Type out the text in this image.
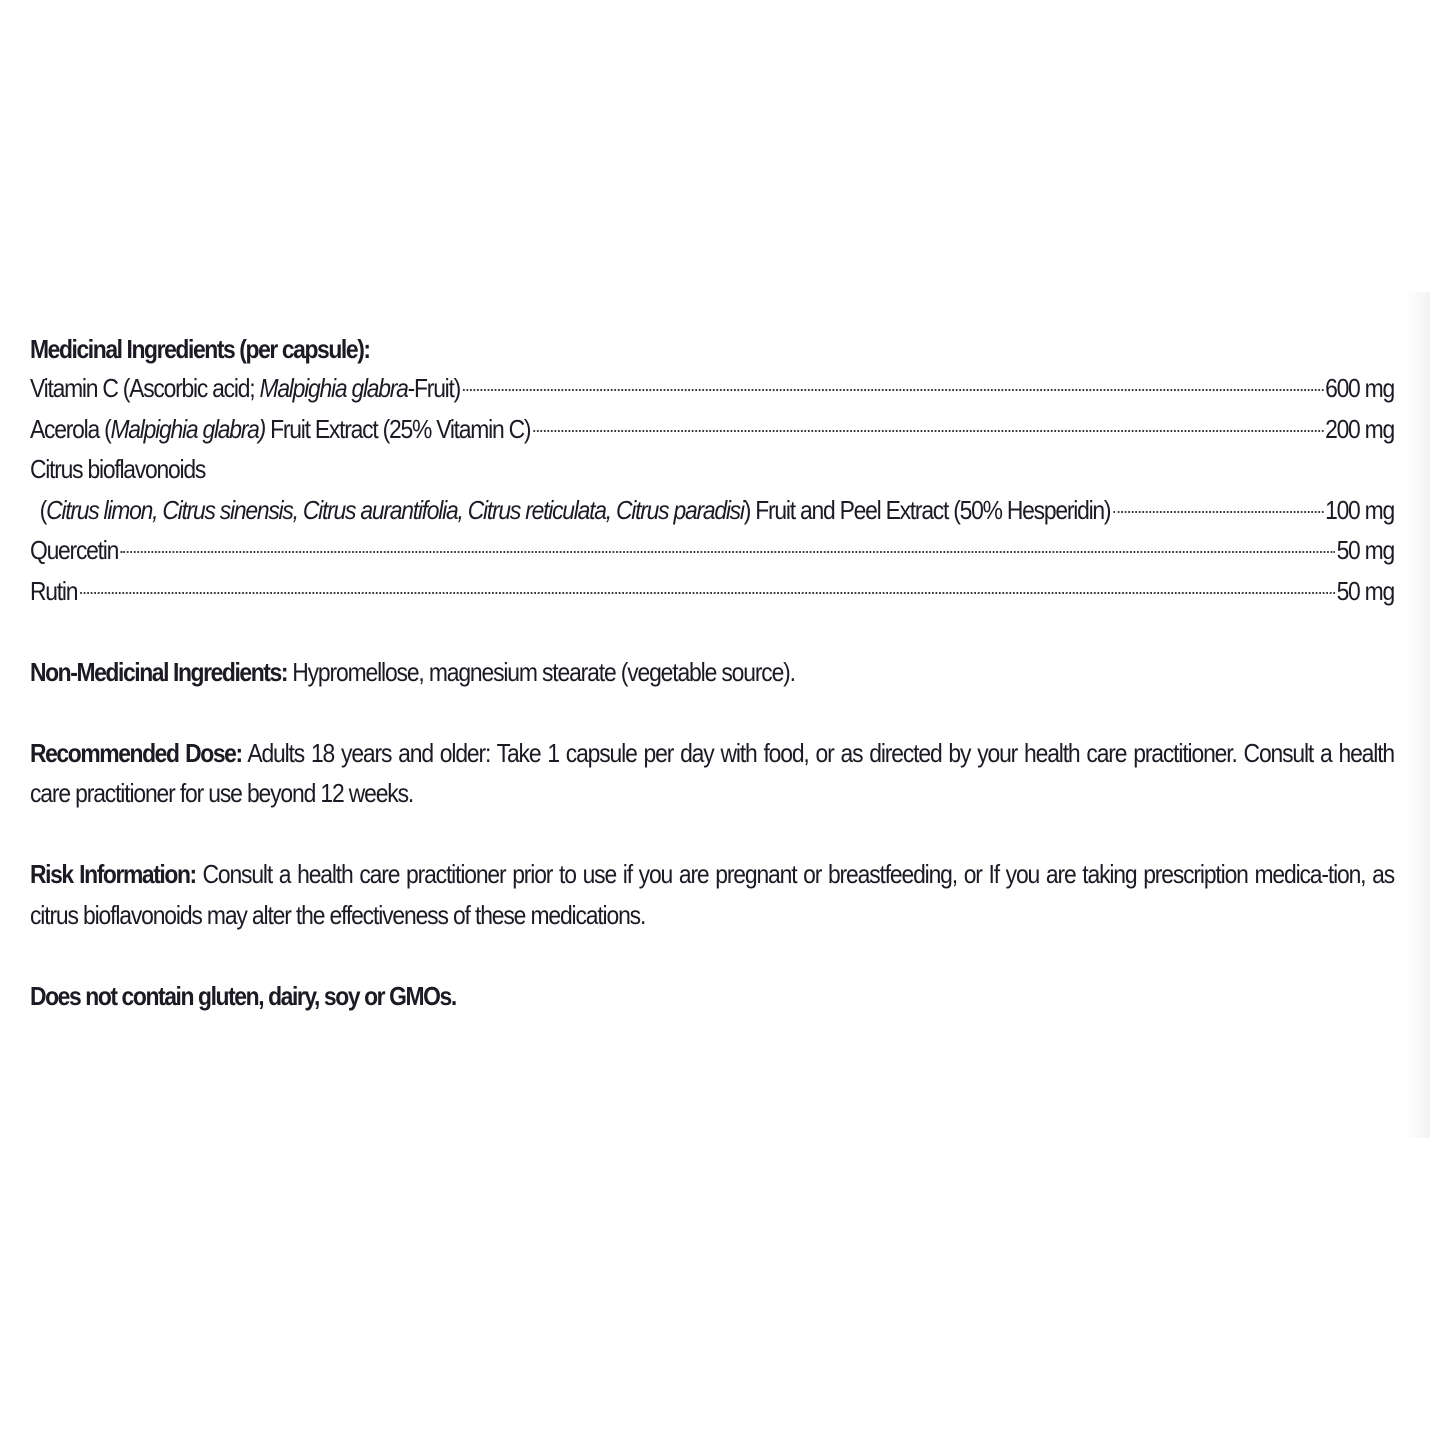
Medicinal Ingredients (per capsule):
Vitamin C (Ascorbic acid; Malpighia glabra-Fruit)	600 mg
Acerola (Malpighia glabra) Fruit Extract (25% Vitamin C)	200 mg
Citrus bioflavonoids
(Citrus limon, Citrus sinensis, Citrus aurantifolia, Citrus reticulata, Citrus paradisi) Fruit and Peel Extract (50% Hesperidin)	100 mg
Quercetin	50 mg
Rutin	50 mg
Non-Medicinal Ingredients: Hypromellose, magnesium stearate (vegetable source).
Recommended Dose: Adults 18 years and older: Take 1 capsule per day with food, or as directed by your health care practitioner. Consult a health care practitioner for use beyond 12 weeks.
Risk Information: Consult a health care practitioner prior to use if you are pregnant or breastfeeding, or If you are taking prescription medica-tion, as citrus bioflavonoids may alter the effectiveness of these medications.
Does not contain gluten, dairy, soy or GMOs.
